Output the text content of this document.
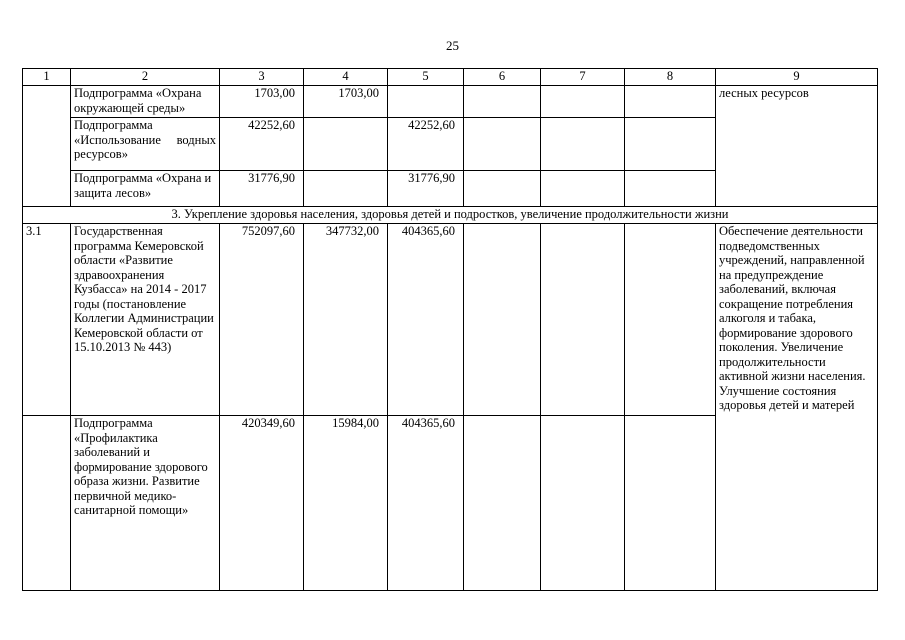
25
1	2	3	4	5	6	7	8	9
	Подпрограмма «Охрана окружающей среды»	1703,00	1703,00					лесных ресурсов
	Подпрограмма «Использование водных ресурсов»	42252,60		42252,60				
	Подпрограмма «Охрана и защита лесов»	31776,90		31776,90				
3. Укрепление здоровья населения, здоровья детей и подростков, увеличение продолжительности жизни								
3.1	Государственная программа Кемеровской области «Развитие здравоохранения Кузбасса» на 2014 - 2017 годы (постановление Коллегии Администрации Кемеровской области от 15.10.2013 № 443)	752097,60	347732,00	404365,60				Обеспечение деятельности подведомственных учреждений, направленной на предупреждение заболеваний, включая сокращение потребления алкоголя и табака, формирование здорового поколения. Увеличение продолжительности активной жизни населения. Улучшение состояния здоровья детей и матерей
	Подпрограмма «Профилактика заболеваний и формирование здорового образа жизни. Развитие первичной медико-санитарной помощи»	420349,60	15984,00	404365,60				
